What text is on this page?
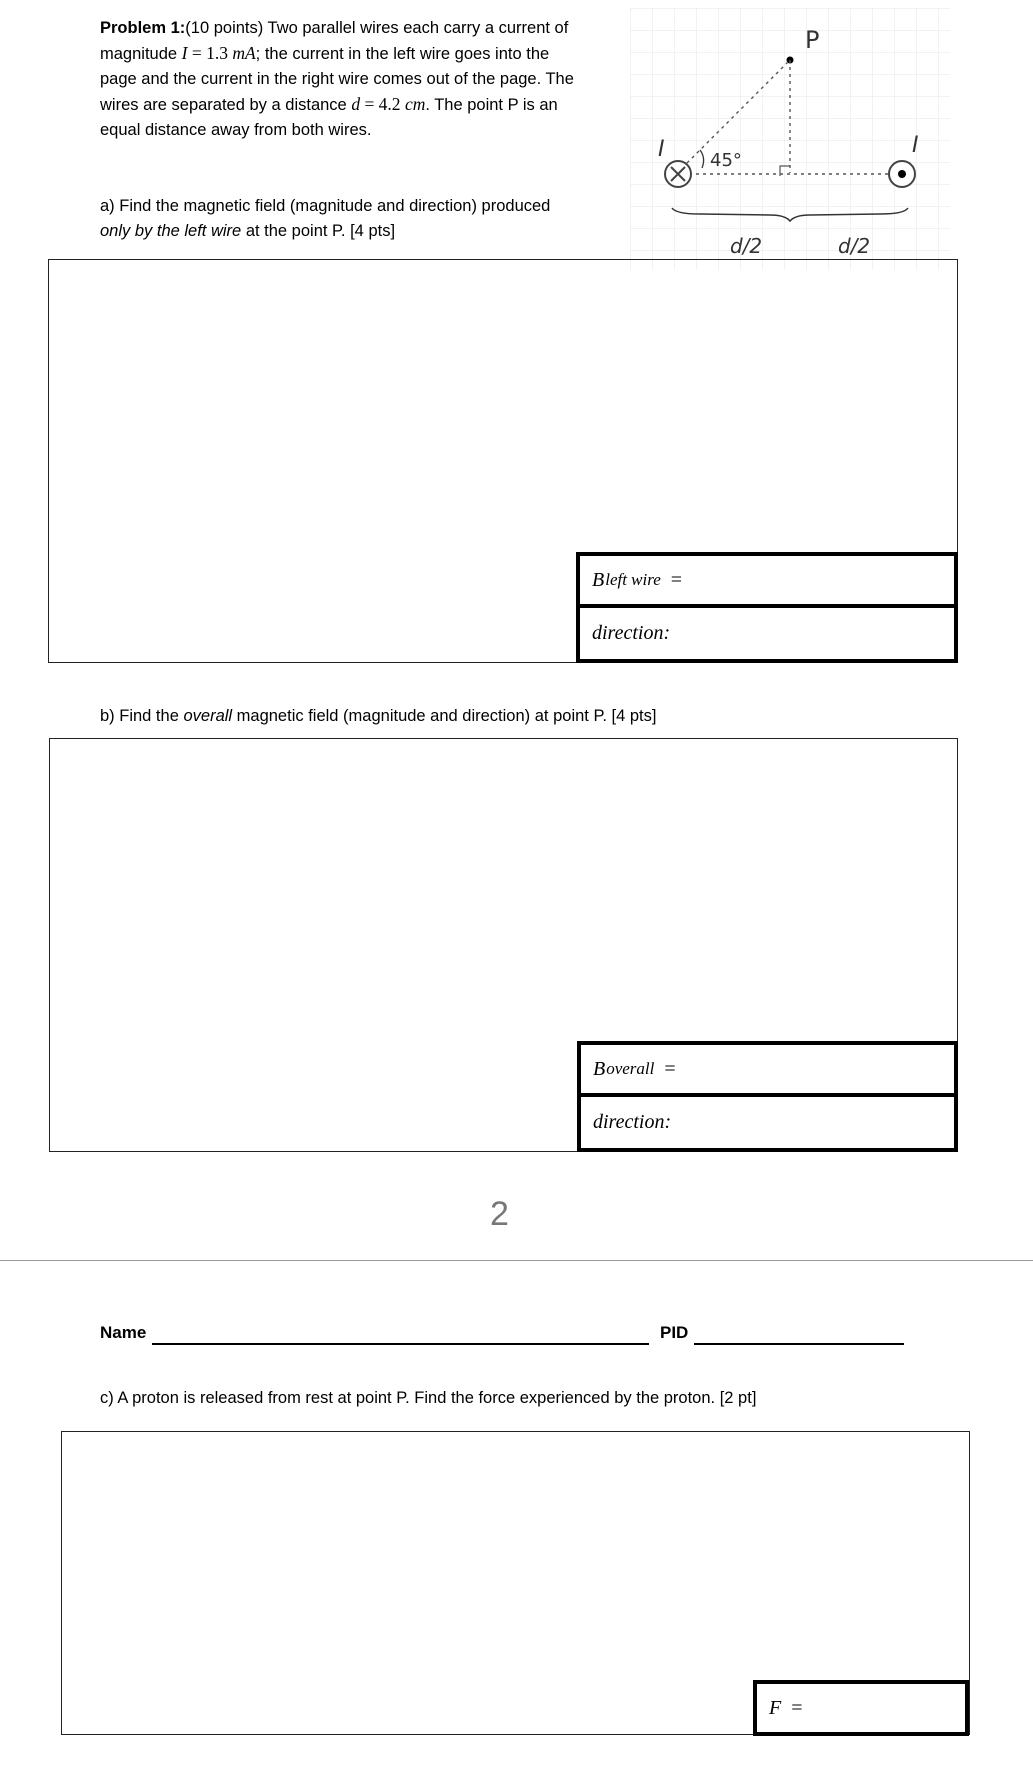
Problem 1:(10 points) Two parallel wires each carry a current of magnitude I = 1.3 mA; the current in the left wire goes into the page and the current in the right wire comes out of the page. The wires are separated by a distance d = 4.2 cm. The point P is an equal distance away from both wires.
P
45°
I	I
d/2	d/2
a) Find the magnetic field (magnitude and direction) produced
only by the left wire at the point P. [4 pts]
B left wire =
direction:
b) Find the overall magnetic field (magnitude and direction) at point P. [4 pts]
B overall =
direction:
2
Name	PID
c) A proton is released from rest at point P. Find the force experienced by the proton. [2 pt]
F =
